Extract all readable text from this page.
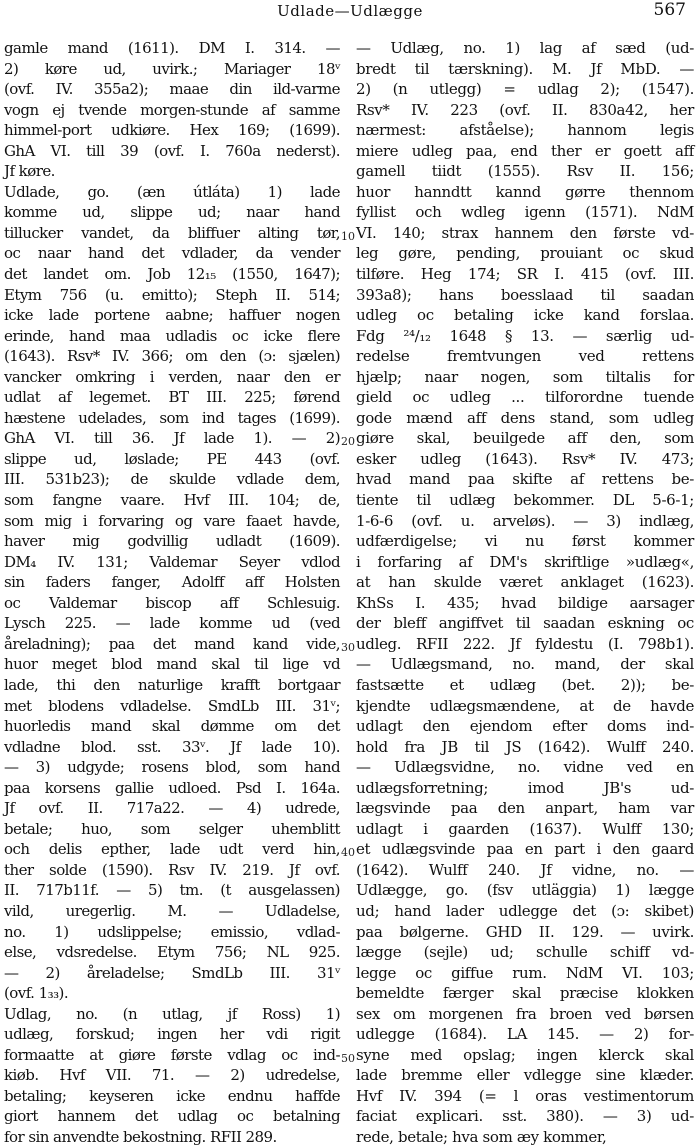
Udlade—Udlægge	567
gamle mand (1611). DM I. 314. —
2) køre ud, uvirk.; Mariager 18ᵛ
(ovf. IV. 355a2); maae din ild-varme
vogn ej tvende morgen-stunde af samme
himmel-port udkiøre. Hex 169; (1699).
GhA VI. till 39 (ovf. I. 760a nederst).
Jf køre.
Udlade, go. (æn útláta) 1) lade
komme ud, slippe ud; naar hand
tillucker vandet, da bliffuer alting tør,
oc naar hand det vdlader, da vender
det landet om. Job 12₁₅ (1550, 1647);
Etym 756 (u. emitto); Steph II. 514;
icke lade portene aabne; haffuer nogen
erinde, hand maa udladis oc icke flere
(1643). Rsv* IV. 366; om den (ɔ: sjælen)
vancker omkring i verden, naar den er
udlat af legemet. BT III. 225; førend
hæstene udelades, som ind tages (1699).
GhA VI. till 36. Jf lade 1). — 2)
slippe ud, løslade; PE 443 (ovf.
III. 531b23); de skulde vdlade dem,
som fangne vaare. Hvf III. 104; de,
som mig i forvaring og vare faaet havde,
haver mig godvillig udladt (1609).
DM₄ IV. 131; Valdemar Seyer vdlod
sin faders fanger, Adolff aff Holsten
oc Valdemar biscop aff Schlesuig.
Lysch 225. — lade komme ud (ved
åreladning); paa det mand kand vide,
huor meget blod mand skal til lige vd
lade, thi den naturlige krafft bortgaar
met blodens vdladelse. SmdLb III. 31ᵛ;
huorledis mand skal dømme om det
vdladne blod. sst. 33ᵛ. Jf lade 10).
— 3) udgyde; rosens blod, som hand
paa korsens gallie udloed. Psd I. 164a.
Jf ovf. II. 717a22. — 4) udrede,
betale; huo, som selger uhemblitt
och delis epther, lade udt verd hin,
ther solde (1590). Rsv IV. 219. Jf ovf.
II. 717b11f. — 5) tm. (t ausgelassen)
vild, uregerlig. M. — Udladelse,
no. 1) udslippelse; emissio, vdlad-
else, vdsredelse. Etym 756; NL 925.
— 2) åreladelse; SmdLb III. 31ᵛ
(ovf. 1₃₃).
Udlag, no. (n utlag, jf Ross) 1)
udlæg, forskud; ingen her vdi rigit
formaatte at giøre første vdlag oc ind-
kiøb. Hvf VII. 71. — 2) udredelse,
betaling; keyseren icke endnu haffde
giort hannem det udlag oc betalning
for sin anvendte bekostning. RFII 289.
10
20
30
40
50
— Udlæg, no. 1) lag af sæd (ud-
bredt til tærskning). M. Jf MbD. —
2) (n utlegg) = udlag 2); (1547).
Rsv* IV. 223 (ovf. II. 830a42, her
nærmest: afståelse); hannom legis
miere udleg paa, end ther er goett aff
gamell tiidt (1555). Rsv II. 156;
huor hanndtt kannd gørre thennom
fyllist och wdleg igenn (1571). NdM
VI. 140; strax hannem den første vd-
leg gøre, pending, prouiant oc skud
tilføre. Heg 174; SR I. 415 (ovf. III.
393a8); hans boesslaad til saadan
udleg oc betaling icke kand forslaa.
Fdg ²⁴/₁₂ 1648 § 13. — særlig ud-
redelse fremtvungen ved rettens
hjælp; naar nogen, som tiltalis for
gield oc udleg ... tilforordne tuende
gode mænd aff dens stand, som udleg
giøre skal, beuilgede aff den, som
esker udleg (1643). Rsv* IV. 473;
hvad mand paa skifte af rettens be-
tiente til udlæg bekommer. DL 5-6-1;
1-6-6 (ovf. u. arveløs). — 3) indlæg,
udfærdigelse; vi nu først kommer
i forfaring af DM's skriftlige »udlæg«,
at han skulde været anklaget (1623).
KhSs I. 435; hvad bildige aarsager
der bleff angiffvet til saadan eskning oc
udleg. RFII 222. Jf fyldestu (I. 798b1).
— Udlægsmand, no. mand, der skal
fastsætte et udlæg (bet. 2)); be-
kjendte udlægsmændene, at de havde
udlagt den ejendom efter doms ind-
hold fra JB til JS (1642). Wulff 240.
— Udlægsvidne, no. vidne ved en
udlægsforretning; imod JB's ud-
lægsvinde paa den anpart, ham var
udlagt i gaarden (1637). Wulff 130;
et udlægsvinde paa en part i den gaard
(1642). Wulff 240. Jf vidne, no. —
Udlægge, go. (fsv utläggia) 1) lægge
ud; hand lader udlegge det (ɔ: skibet)
paa bølgerne. GHD II. 129. — uvirk.
lægge (sejle) ud; schulle schiff vd-
legge oc giffue rum. NdM VI. 103;
bemeldte færger skal præcise klokken
sex om morgenen fra broen ved børsen
udlegge (1684). LA 145. — 2) for-
syne med opslag; ingen klerck skal
lade bremme eller vdlegge sine klæder.
Hvf IV. 394 (= l oras vestimentorum
faciat explicari. sst. 380). — 3) ud-
rede, betale; hva som æy kommer,
